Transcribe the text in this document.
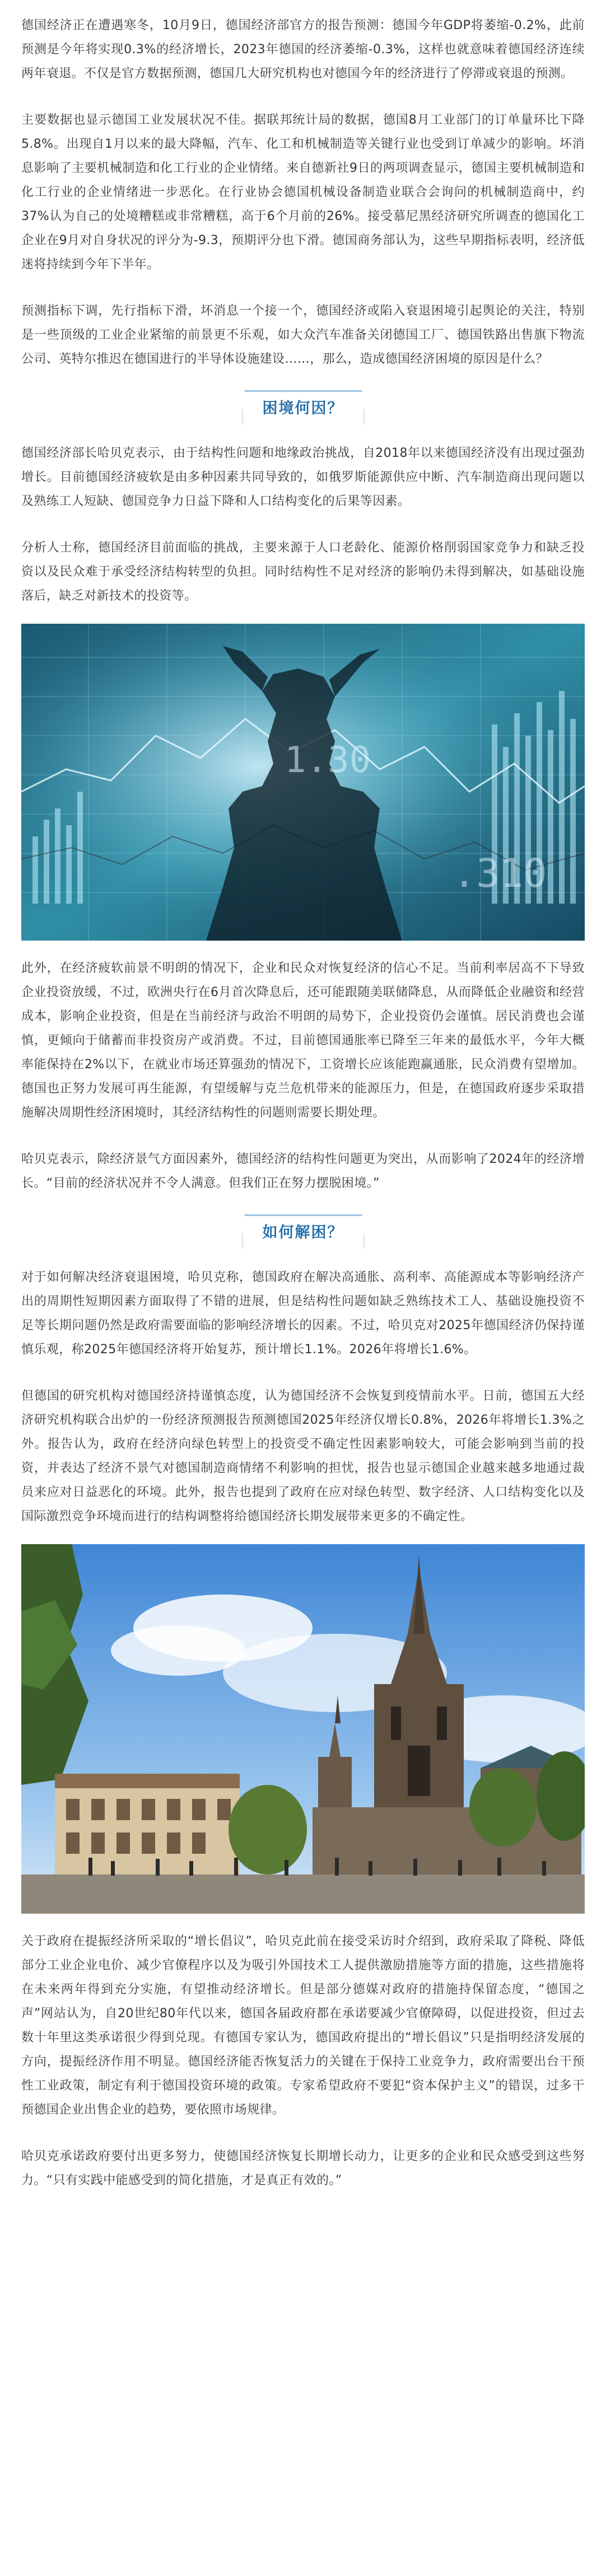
德国经济正在遭遇寒冬，10月9日，德国经济部官方的报告预测：德国今年GDP将萎缩-0.2%，此前预测是今年将实现0.3%的经济增长，2023年德国的经济萎缩-0.3%，这样也就意味着德国经济连续两年衰退。不仅是官方数据预测，德国几大研究机构也对德国今年的经济进行了停滞或衰退的预测。

主要数据也显示德国工业发展状况不佳。据联邦统计局的数据，德国8月工业部门的订单量环比下降5.8%。出现自1月以来的最大降幅，汽车、化工和机械制造等关键行业也受到订单减少的影响。坏消息影响了主要机械制造和化工行业的企业情绪。来自德新社9日的两项调查显示，德国主要机械制造和化工行业的企业情绪进一步恶化。在行业协会德国机械设备制造业联合会询问的机械制造商中，约37%认为自己的处境糟糕或非常糟糕，高于6个月前的26%。接受慕尼黑经济研究所调查的德国化工企业在9月对自身状况的评分为-9.3，预期评分也下滑。德国商务部认为，这些早期指标表明，经济低迷将持续到今年下半年。

预测指标下调，先行指标下滑，坏消息一个接一个，德国经济或陷入衰退困境引起舆论的关注，特别是一些顶级的工业企业紧缩的前景更不乐观，如大众汽车准备关闭德国工厂、德国铁路出售旗下物流公司、英特尔推迟在德国进行的半导体设施建设……，那么，造成德国经济困境的原因是什么？

困境何因？

德国经济部长哈贝克表示，由于结构性问题和地缘政治挑战，自2018年以来德国经济没有出现过强劲增长。目前德国经济疲软是由多种因素共同导致的，如俄罗斯能源供应中断、汽车制造商出现问题以及熟练工人短缺、德国竞争力日益下降和人口结构变化的后果等因素。

分析人士称，德国经济目前面临的挑战，主要来源于人口老龄化、能源价格削弱国家竞争力和缺乏投资以及民众难于承受经济结构转型的负担。同时结构性不足对经济的影响仍未得到解决，如基础设施落后，缺乏对新技术的投资等。

1.30
.310

此外，在经济疲软前景不明朗的情况下，企业和民众对恢复经济的信心不足。当前利率居高不下导致企业投资放缓，不过，欧洲央行在6月首次降息后，还可能跟随美联储降息，从而降低企业融资和经营成本，影响企业投资，但是在当前经济与政治不明朗的局势下，企业投资仍会谨慎。居民消费也会谨慎，更倾向于储蓄而非投资房产或消费。不过，目前德国通胀率已降至三年来的最低水平，今年大概率能保持在2%以下，在就业市场还算强劲的情况下，工资增长应该能跑赢通胀，民众消费有望增加。德国也正努力发展可再生能源，有望缓解与克兰危机带来的能源压力，但是，在德国政府逐步采取措施解决周期性经济困境时，其经济结构性的问题则需要长期处理。

哈贝克表示，除经济景气方面因素外，德国经济的结构性问题更为突出，从而影响了2024年的经济增长。“目前的经济状况并不令人满意。但我们正在努力摆脱困境。”

如何解困？

对于如何解决经济衰退困境，哈贝克称，德国政府在解决高通胀、高利率、高能源成本等影响经济产出的周期性短期因素方面取得了不错的进展，但是结构性问题如缺乏熟练技术工人、基础设施投资不足等长期问题仍然是政府需要面临的影响经济增长的因素。不过，哈贝克对2025年德国经济仍保持谨慎乐观，称2025年德国经济将开始复苏，预计增长1.1%。2026年将增长1.6%。

但德国的研究机构对德国经济持谨慎态度，认为德国经济不会恢复到疫情前水平。日前，德国五大经济研究机构联合出炉的一份经济预测报告预测德国2025年经济仅增长0.8%，2026年将增长1.3%之外。报告认为，政府在经济向绿色转型上的投资受不确定性因素影响较大，可能会影响到当前的投资，并表达了经济不景气对德国制造商情绪不利影响的担忧，报告也显示德国企业越来越多地通过裁员来应对日益恶化的环境。此外，报告也提到了政府在应对绿色转型、数字经济、人口结构变化以及国际激烈竞争环境而进行的结构调整将给德国经济长期发展带来更多的不确定性。

关于政府在提振经济所采取的“增长倡议”，哈贝克此前在接受采访时介绍到，政府采取了降税、降低部分工业企业电价、减少官僚程序以及为吸引外国技术工人提供激励措施等方面的措施，这些措施将在未来两年得到充分实施，有望推动经济增长。但是部分德媒对政府的措施持保留态度，“德国之声”网站认为，自20世纪80年代以来，德国各届政府都在承诺要减少官僚障碍，以促进投资，但过去数十年里这类承诺很少得到兑现。有德国专家认为，德国政府提出的“增长倡议”只是指明经济发展的方向，提振经济作用不明显。德国经济能否恢复活力的关键在于保持工业竞争力，政府需要出台干预性工业政策，制定有利于德国投资环境的政策。专家希望政府不要犯“资本保护主义”的错误，过多干预德国企业出售企业的趋势，要依照市场规律。

哈贝克承诺政府要付出更多努力，使德国经济恢复长期增长动力，让更多的企业和民众感受到这些努力。“只有实践中能感受到的简化措施，才是真正有效的。”
